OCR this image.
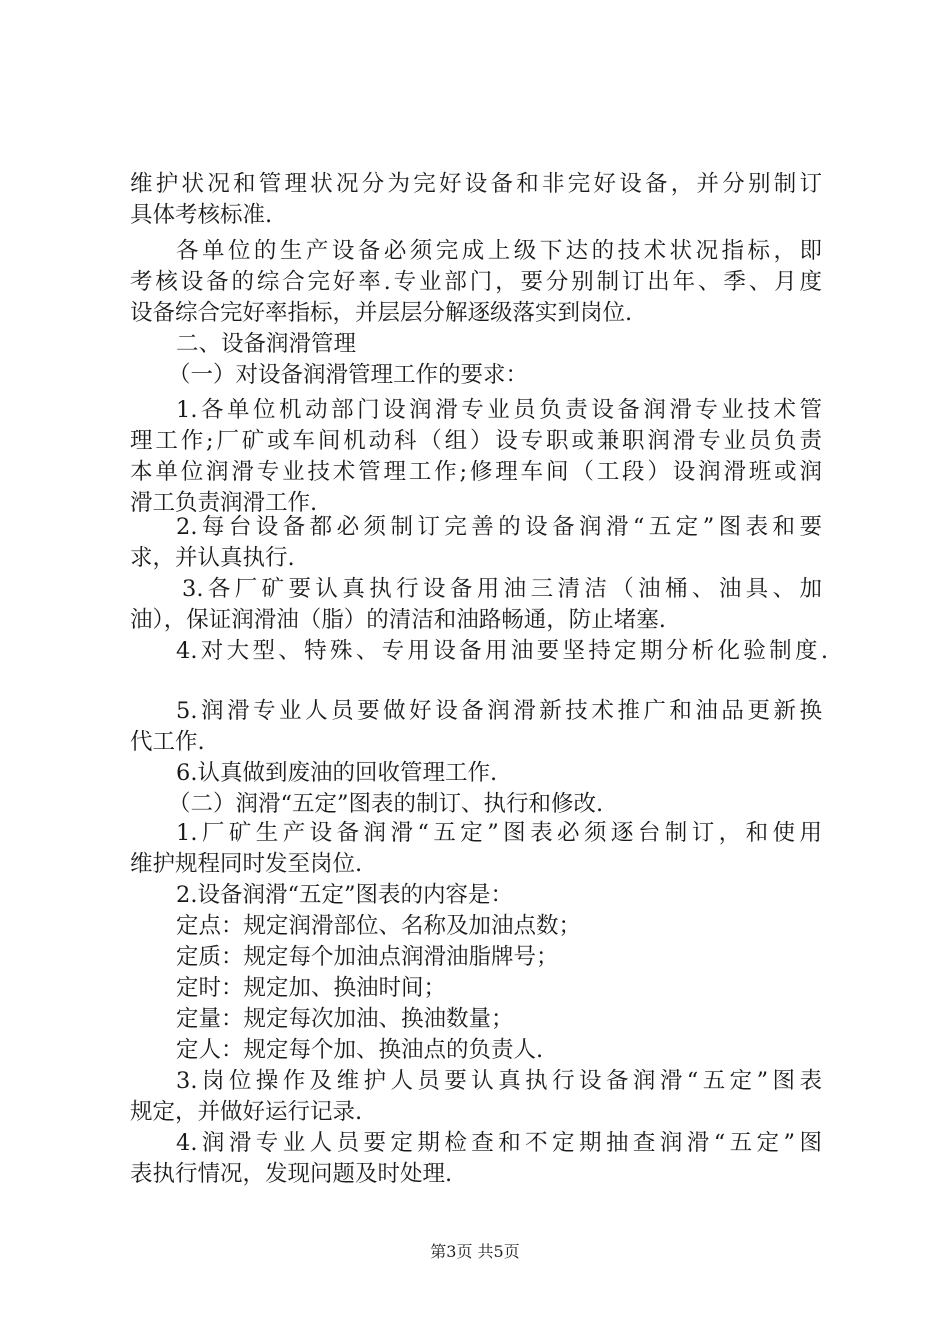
维护状况和管理状况分为完好设备和非完好设备，并分别制订
具体考核标准.
各单位的生产设备必须完成上级下达的技术状况指标，即
考核设备的综合完好率.专业部门，要分别制订出年、季、月度
设备综合完好率指标，并层层分解逐级落实到岗位.
二、设备润滑管理
（一）对设备润滑管理工作的要求：
1.各单位机动部门设润滑专业员负责设备润滑专业技术管
理工作;厂矿或车间机动科（组）设专职或兼职润滑专业员负责
本单位润滑专业技术管理工作;修理车间（工段）设润滑班或润
滑工负责润滑工作.
2.每台设备都必须制订完善的设备润滑“五定”图表和要
求，并认真执行.
3.各厂矿要认真执行设备用油三清洁（油桶、油具、加
油），保证润滑油（脂）的清洁和油路畅通，防止堵塞.
4.对大型、特殊、专用设备用油要坚持定期分析化验制度.
5.润滑专业人员要做好设备润滑新技术推广和油品更新换
代工作.
6.认真做到废油的回收管理工作.
（二）润滑“五定”图表的制订、执行和修改.
1.厂矿生产设备润滑“五定”图表必须逐台制订，和使用
维护规程同时发至岗位.
2.设备润滑“五定”图表的内容是：
定点：规定润滑部位、名称及加油点数；
定质：规定每个加油点润滑油脂牌号；
定时：规定加、换油时间；
定量：规定每次加油、换油数量；
定人：规定每个加、换油点的负责人.
3.岗位操作及维护人员要认真执行设备润滑“五定”图表
规定，并做好运行记录.
4.润滑专业人员要定期检查和不定期抽查润滑“五定”图
表执行情况，发现问题及时处理.
第3页 共5页
